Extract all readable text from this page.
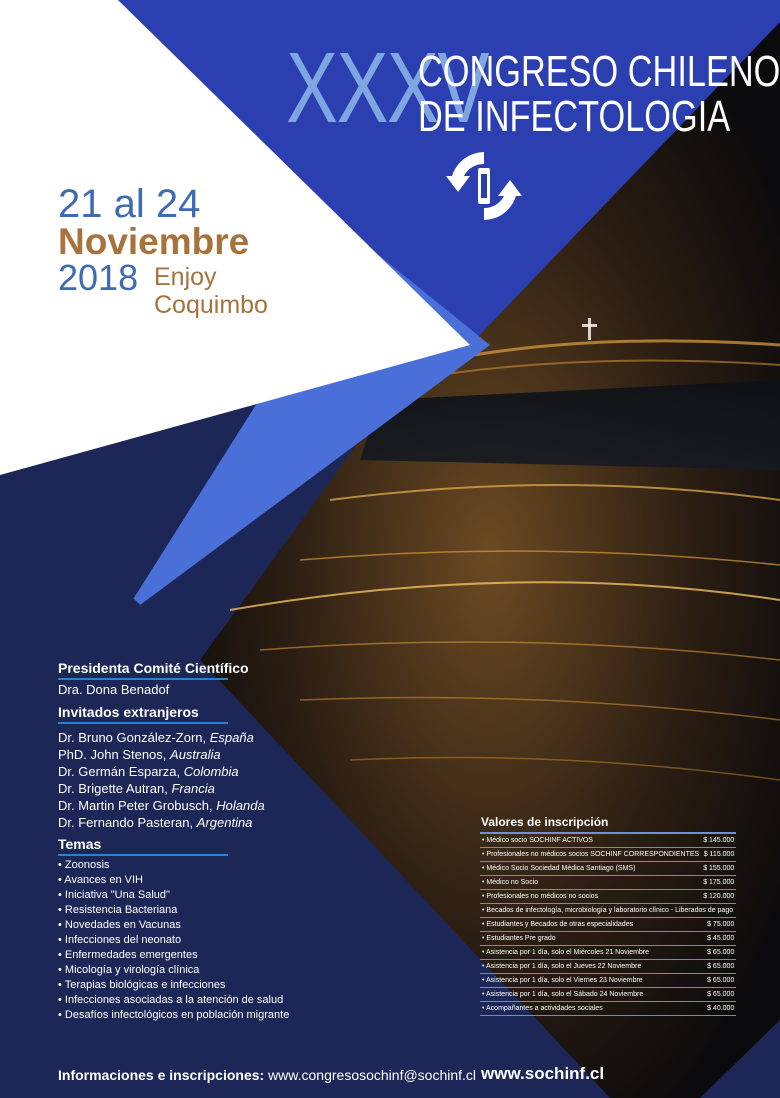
XXXV
CONGRESO CHILENO
DE INFECTOLOGIA
21 al 24
Noviembre
2018 Enjoy
Coquimbo
Presidenta Comité Científico
Dra. Dona Benadof
Invitados extranjeros
Dr. Bruno González-Zorn, España
PhD. John Stenos, Australia
Dr. Germán Esparza, Colombia
Dr. Brigette Autran, Francia
Dr. Martin Peter Grobusch, Holanda
Dr. Fernando Pasteran, Argentina
Temas
• Zoonosis
• Avances en VIH
• Iniciativa "Una Salud"
• Resistencia Bacteriana
• Novedades en Vacunas
• Infecciones del neonato
• Enfermedades emergentes
• Micología y virología clínica
• Terapias biológicas e infecciones
• Infecciones asociadas a la atención de salud
• Desafíos infectológicos en población migrante
Valores de inscripción
• Médico socio SOCHINF ACTIVOS	$ 145.000
• Profesionales no médicos socios SOCHINF CORRESPONDIENTES	$ 115.000
• Médico Socio Sociedad Médica Santiago (SMS)	$ 155.000
• Médico no Socio	$ 175.000
• Profesionales no médicos no socios	$ 120.000
• Becados de infectología, microbiología y laboratorio clínico - Liberados de pago	
• Estudiantes y Becados de otras especialidades	$ 75.000
• Estudiantes Pre grado	$ 45.000
• Asistencia por 1 día, solo el Miércoles 21 Noviembre	$ 65.000
• Asistencia por 1 día, solo el Jueves 22 Noviembre	$ 65.000
• Asistencia por 1 día, solo el Viernes 23 Noviembre	$ 65.000
• Asistencia por 1 día, solo el Sábado 24 Noviembre	$ 65.000
• Acompañantes a actividades sociales	$ 40.000
Informaciones e inscripciones: www.congresosochinf@sochinf.cl www.sochinf.cl
